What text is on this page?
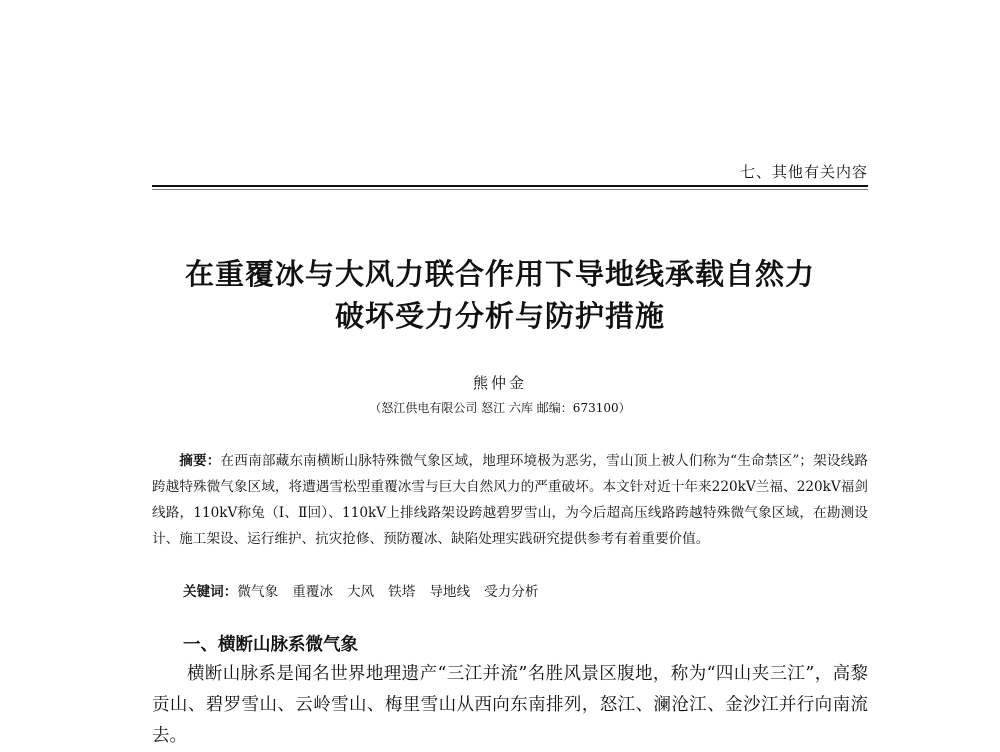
七、其他有关内容
在重覆冰与大风力联合作用下导地线承载自然力
破坏受力分析与防护措施
熊仲金
（怒江供电有限公司 怒江 六库 邮编：673100）
摘要：在西南部藏东南横断山脉特殊微气象区域，地理环境极为恶劣，雪山顶上被人们称为“生命禁区”；架设线路跨越特殊微气象区域，将遭遇雪松型重覆冰雪与巨大自然风力的严重破坏。本文针对近十年来220kV兰福、220kV福剑线路，110kV称兔（Ⅰ、Ⅱ回）、110kV上排线路架设跨越碧罗雪山，为今后超高压线路跨越特殊微气象区域，在勘测设计、施工架设、运行维护、抗灾抢修、预防覆冰、缺陷处理实践研究提供参考有着重要价值。
关键词：微气象 重覆冰 大风 铁塔 导地线 受力分析
一、横断山脉系微气象
横断山脉系是闻名世界地理遗产“三江并流”名胜风景区腹地，称为“四山夹三江”，高黎贡山、碧罗雪山、云岭雪山、梅里雪山从西向东南排列，怒江、澜沧江、金沙江并行向南流去。
